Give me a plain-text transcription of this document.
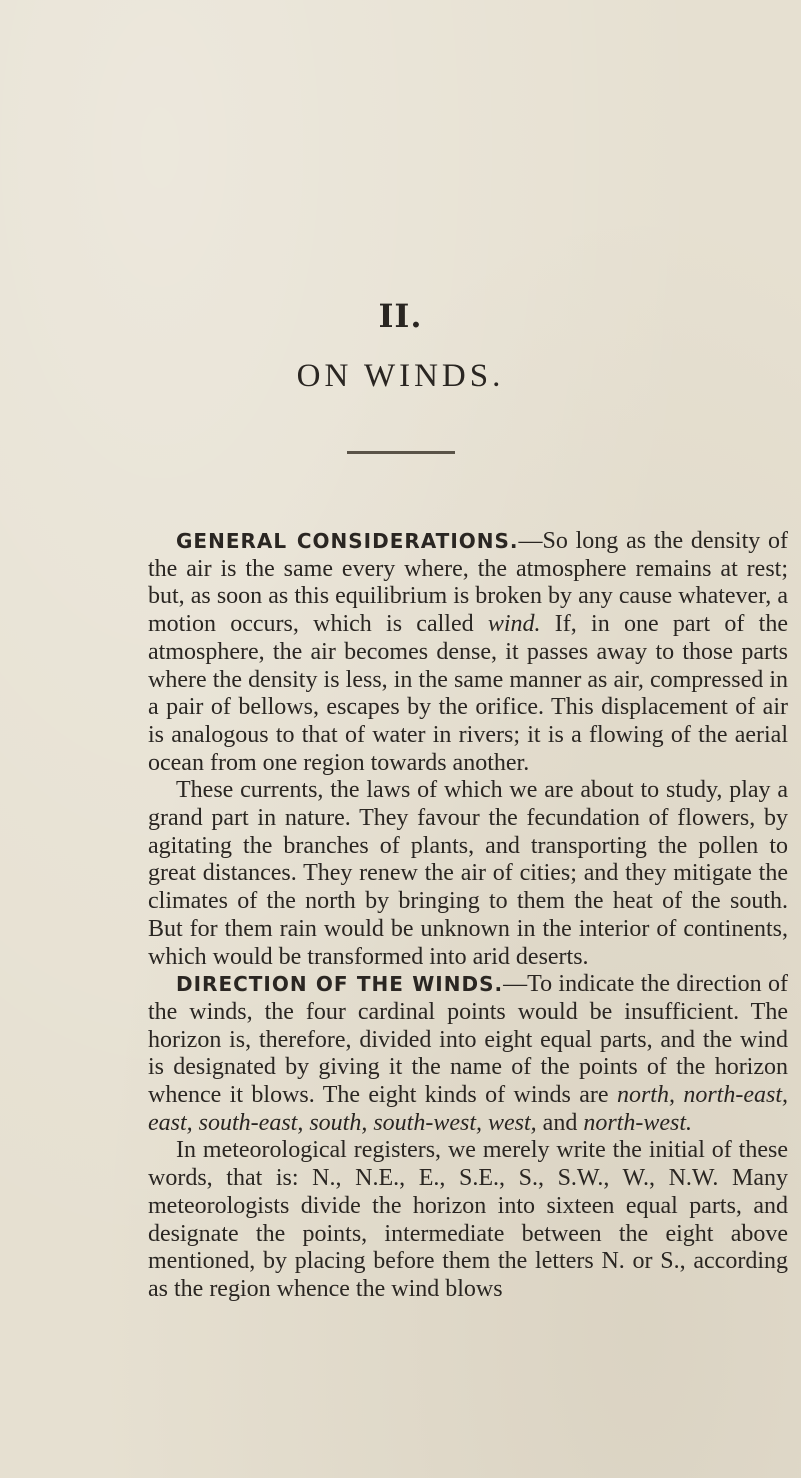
II.
ON WINDS.

GENERAL CONSIDERATIONS.—So long as the density of the air is the same every where, the atmosphere remains at rest; but, as soon as this equilibrium is broken by any cause whatever, a motion occurs, which is called wind. If, in one part of the atmosphere, the air becomes dense, it passes away to those parts where the density is less, in the same manner as air, compressed in a pair of bellows, escapes by the orifice. This displacement of air is analogous to that of water in rivers; it is a flowing of the aerial ocean from one region towards another.

These currents, the laws of which we are about to study, play a grand part in nature. They favour the fecundation of flowers, by agitating the branches of plants, and transporting the pollen to great distances. They renew the air of cities; and they mitigate the climates of the north by bringing to them the heat of the south. But for them rain would be unknown in the interior of continents, which would be transformed into arid deserts.

DIRECTION OF THE WINDS.—To indicate the direction of the winds, the four cardinal points would be insufficient. The horizon is, therefore, divided into eight equal parts, and the wind is designated by giving it the name of the points of the horizon whence it blows. The eight kinds of winds are north, north-east, east, south-east, south, south-west, west, and north-west.

In meteorological registers, we merely write the initial of these words, that is: N., N.E., E., S.E., S., S.W., W., N.W. Many meteorologists divide the horizon into sixteen equal parts, and designate the points, intermediate between the eight above mentioned, by placing before them the letters N. or S., according as the region whence the wind blows
